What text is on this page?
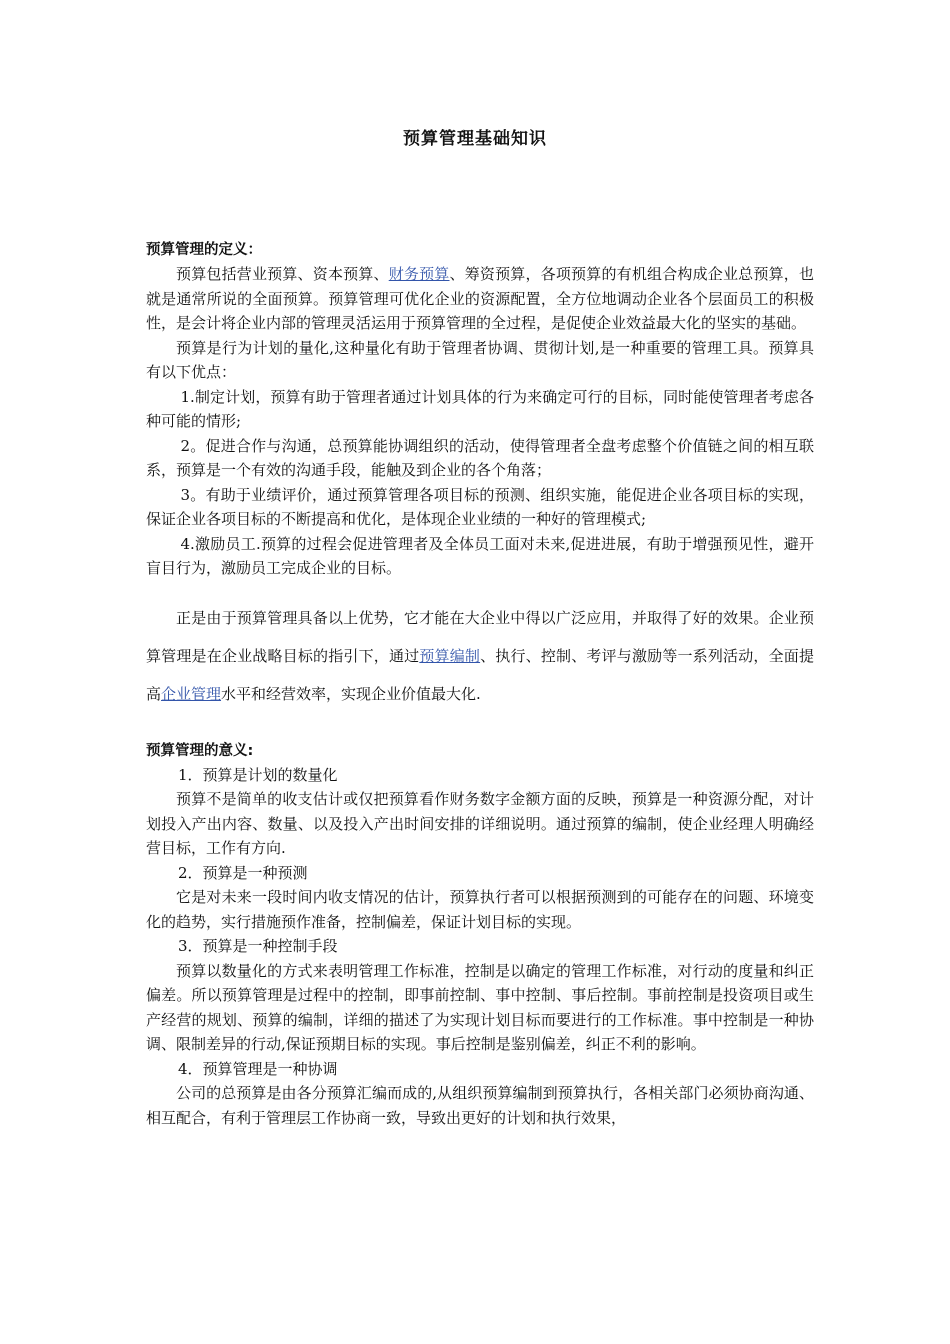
预算管理基础知识
预算管理的定义：

预算包括营业预算、资本预算、财务预算、筹资预算，各项预算的有机组合构成企业总预算，也就是通常所说的全面预算。预算管理可优化企业的资源配置，全方位地调动企业各个层面员工的积极性，是会计将企业内部的管理灵活运用于预算管理的全过程，是促使企业效益最大化的坚实的基础。

预算是行为计划的量化,这种量化有助于管理者协调、贯彻计划,是一种重要的管理工具。预算具有以下优点：

1.制定计划，预算有助于管理者通过计划具体的行为来确定可行的目标，同时能使管理者考虑各种可能的情形;

2。促进合作与沟通，总预算能协调组织的活动，使得管理者全盘考虑整个价值链之间的相互联系，预算是一个有效的沟通手段，能触及到企业的各个角落；

3。有助于业绩评价，通过预算管理各项目标的预测、组织实施，能促进企业各项目标的实现，保证企业各项目标的不断提高和优化，是体现企业业绩的一种好的管理模式;

4.激励员工.预算的过程会促进管理者及全体员工面对未来,促进进展，有助于增强预见性，避开盲目行为，激励员工完成企业的目标。

正是由于预算管理具备以上优势，它才能在大企业中得以广泛应用，并取得了好的效果。企业预算管理是在企业战略目标的指引下，通过预算编制、执行、控制、考评与激励等一系列活动，全面提高企业管理水平和经营效率，实现企业价值最大化.

预算管理的意义:

1．预算是计划的数量化

预算不是简单的收支估计或仅把预算看作财务数字金额方面的反映，预算是一种资源分配，对计划投入产出内容、数量、以及投入产出时间安排的详细说明。通过预算的编制，使企业经理人明确经营目标，工作有方向.

2．预算是一种预测

它是对未来一段时间内收支情况的估计，预算执行者可以根据预测到的可能存在的问题、环境变化的趋势，实行措施预作准备，控制偏差，保证计划目标的实现。

3．预算是一种控制手段

预算以数量化的方式来表明管理工作标准，控制是以确定的管理工作标准，对行动的度量和纠正偏差。所以预算管理是过程中的控制，即事前控制、事中控制、事后控制。事前控制是投资项目或生产经营的规划、预算的编制，详细的描述了为实现计划目标而要进行的工作标准。事中控制是一种协调、限制差异的行动,保证预期目标的实现。事后控制是鉴别偏差，纠正不利的影响。

4．预算管理是一种协调

公司的总预算是由各分预算汇编而成的,从组织预算编制到预算执行，各相关部门必须协商沟通、相互配合，有利于管理层工作协商一致，导致出更好的计划和执行效果，
